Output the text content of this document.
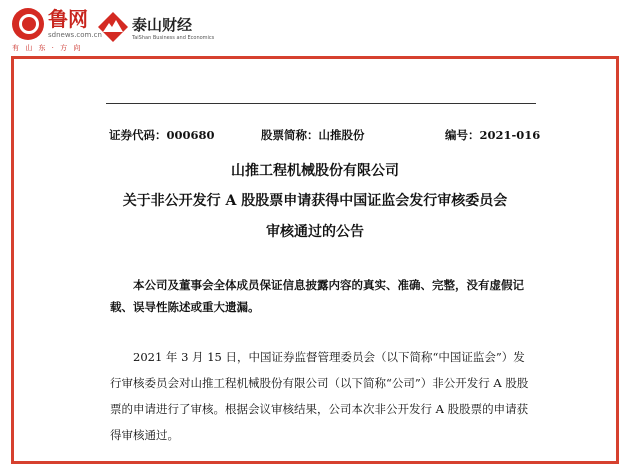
鲁网
sdnews.com.cn
有 山 东 · 方 向
泰山财经
TaiShan Business and Economics
证券代码：000680	股票简称：山推股份	编号：2021-016
山推工程机械股份有限公司
关于非公开发行 A 股股票申请获得中国证监会发行审核委员会
审核通过的公告

本公司及董事会全体成员保证信息披露内容的真实、准确、完整，没有虚假记载、误导性陈述或重大遗漏。

2021 年 3 月 15 日，中国证券监督管理委员会（以下简称“中国证监会”）发行审核委员会对山推工程机械股份有限公司（以下简称“公司”）非公开发行 A 股股票的申请进行了审核。根据会议审核结果，公司本次非公开发行 A 股股票的申请获得审核通过。
